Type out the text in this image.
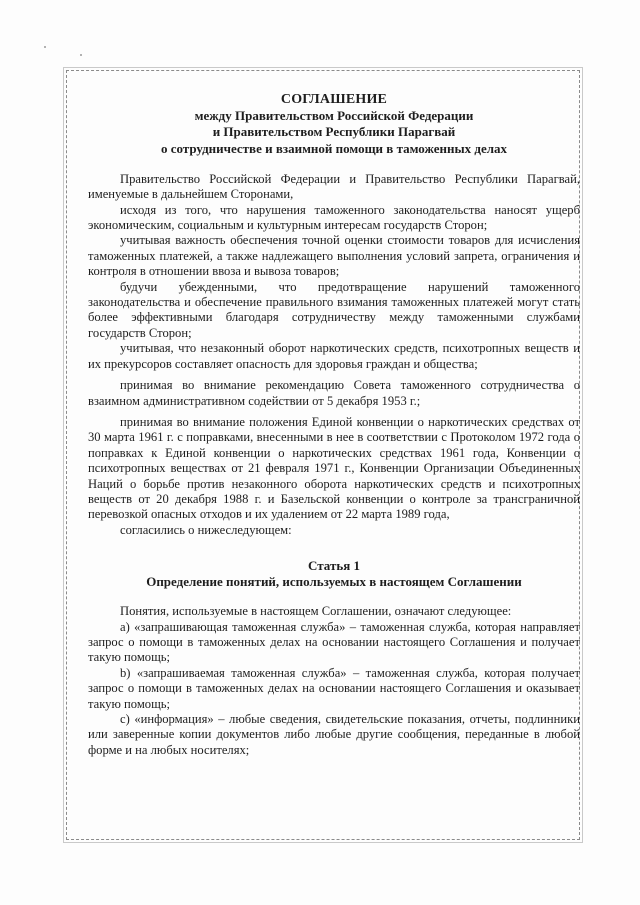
СОГЛАШЕНИЕ
между Правительством Российской Федерации
и Правительством Республики Парагвай
о сотрудничестве и взаимной помощи в таможенных делах

Правительство Российской Федерации и Правительство Республики Парагвай, именуемые в дальнейшем Сторонами,

исходя из того, что нарушения таможенного законодательства наносят ущерб экономическим, социальным и культурным интересам государств Сторон;

учитывая важность обеспечения точной оценки стоимости товаров для исчисления таможенных платежей, а также надлежащего выполнения условий запрета, ограничения и контроля в отношении ввоза и вывоза товаров;

будучи убежденными, что предотвращение нарушений таможенного законодательства и обеспечение правильного взимания таможенных платежей могут стать более эффективными благодаря сотрудничеству между таможенными службами государств Сторон;

учитывая, что незаконный оборот наркотических средств, психотропных веществ и их прекурсоров составляет опасность для здоровья граждан и общества;

принимая во внимание рекомендацию Совета таможенного сотрудничества о взаимном административном содействии от 5 декабря 1953 г.;

принимая во внимание положения Единой конвенции о наркотических средствах от 30 марта 1961 г. с поправками, внесенными в нее в соответствии с Протоколом 1972 года о поправках к Единой конвенции о наркотических средствах 1961 года, Конвенции о психотропных веществах от 21 февраля 1971 г., Конвенции Организации Объединенных Наций о борьбе против незаконного оборота наркотических средств и психотропных веществ от 20 декабря 1988 г. и Базельской конвенции о контроле за трансграничной перевозкой опасных отходов и их удалением от 22 марта 1989 года,

согласились о нижеследующем:

Статья 1
Определение понятий, используемых в настоящем Соглашении

Понятия, используемые в настоящем Соглашении, означают следующее:

а) «запрашивающая таможенная служба» – таможенная служба, которая направляет запрос о помощи в таможенных делах на основании настоящего Соглашения и получает такую помощь;

b) «запрашиваемая таможенная служба» – таможенная служба, которая получает запрос о помощи в таможенных делах на основании настоящего Соглашения и оказывает такую помощь;

c) «информация» – любые сведения, свидетельские показания, отчеты, подлинники или заверенные копии документов либо любые другие сообщения, переданные в любой форме и на любых носителях;
